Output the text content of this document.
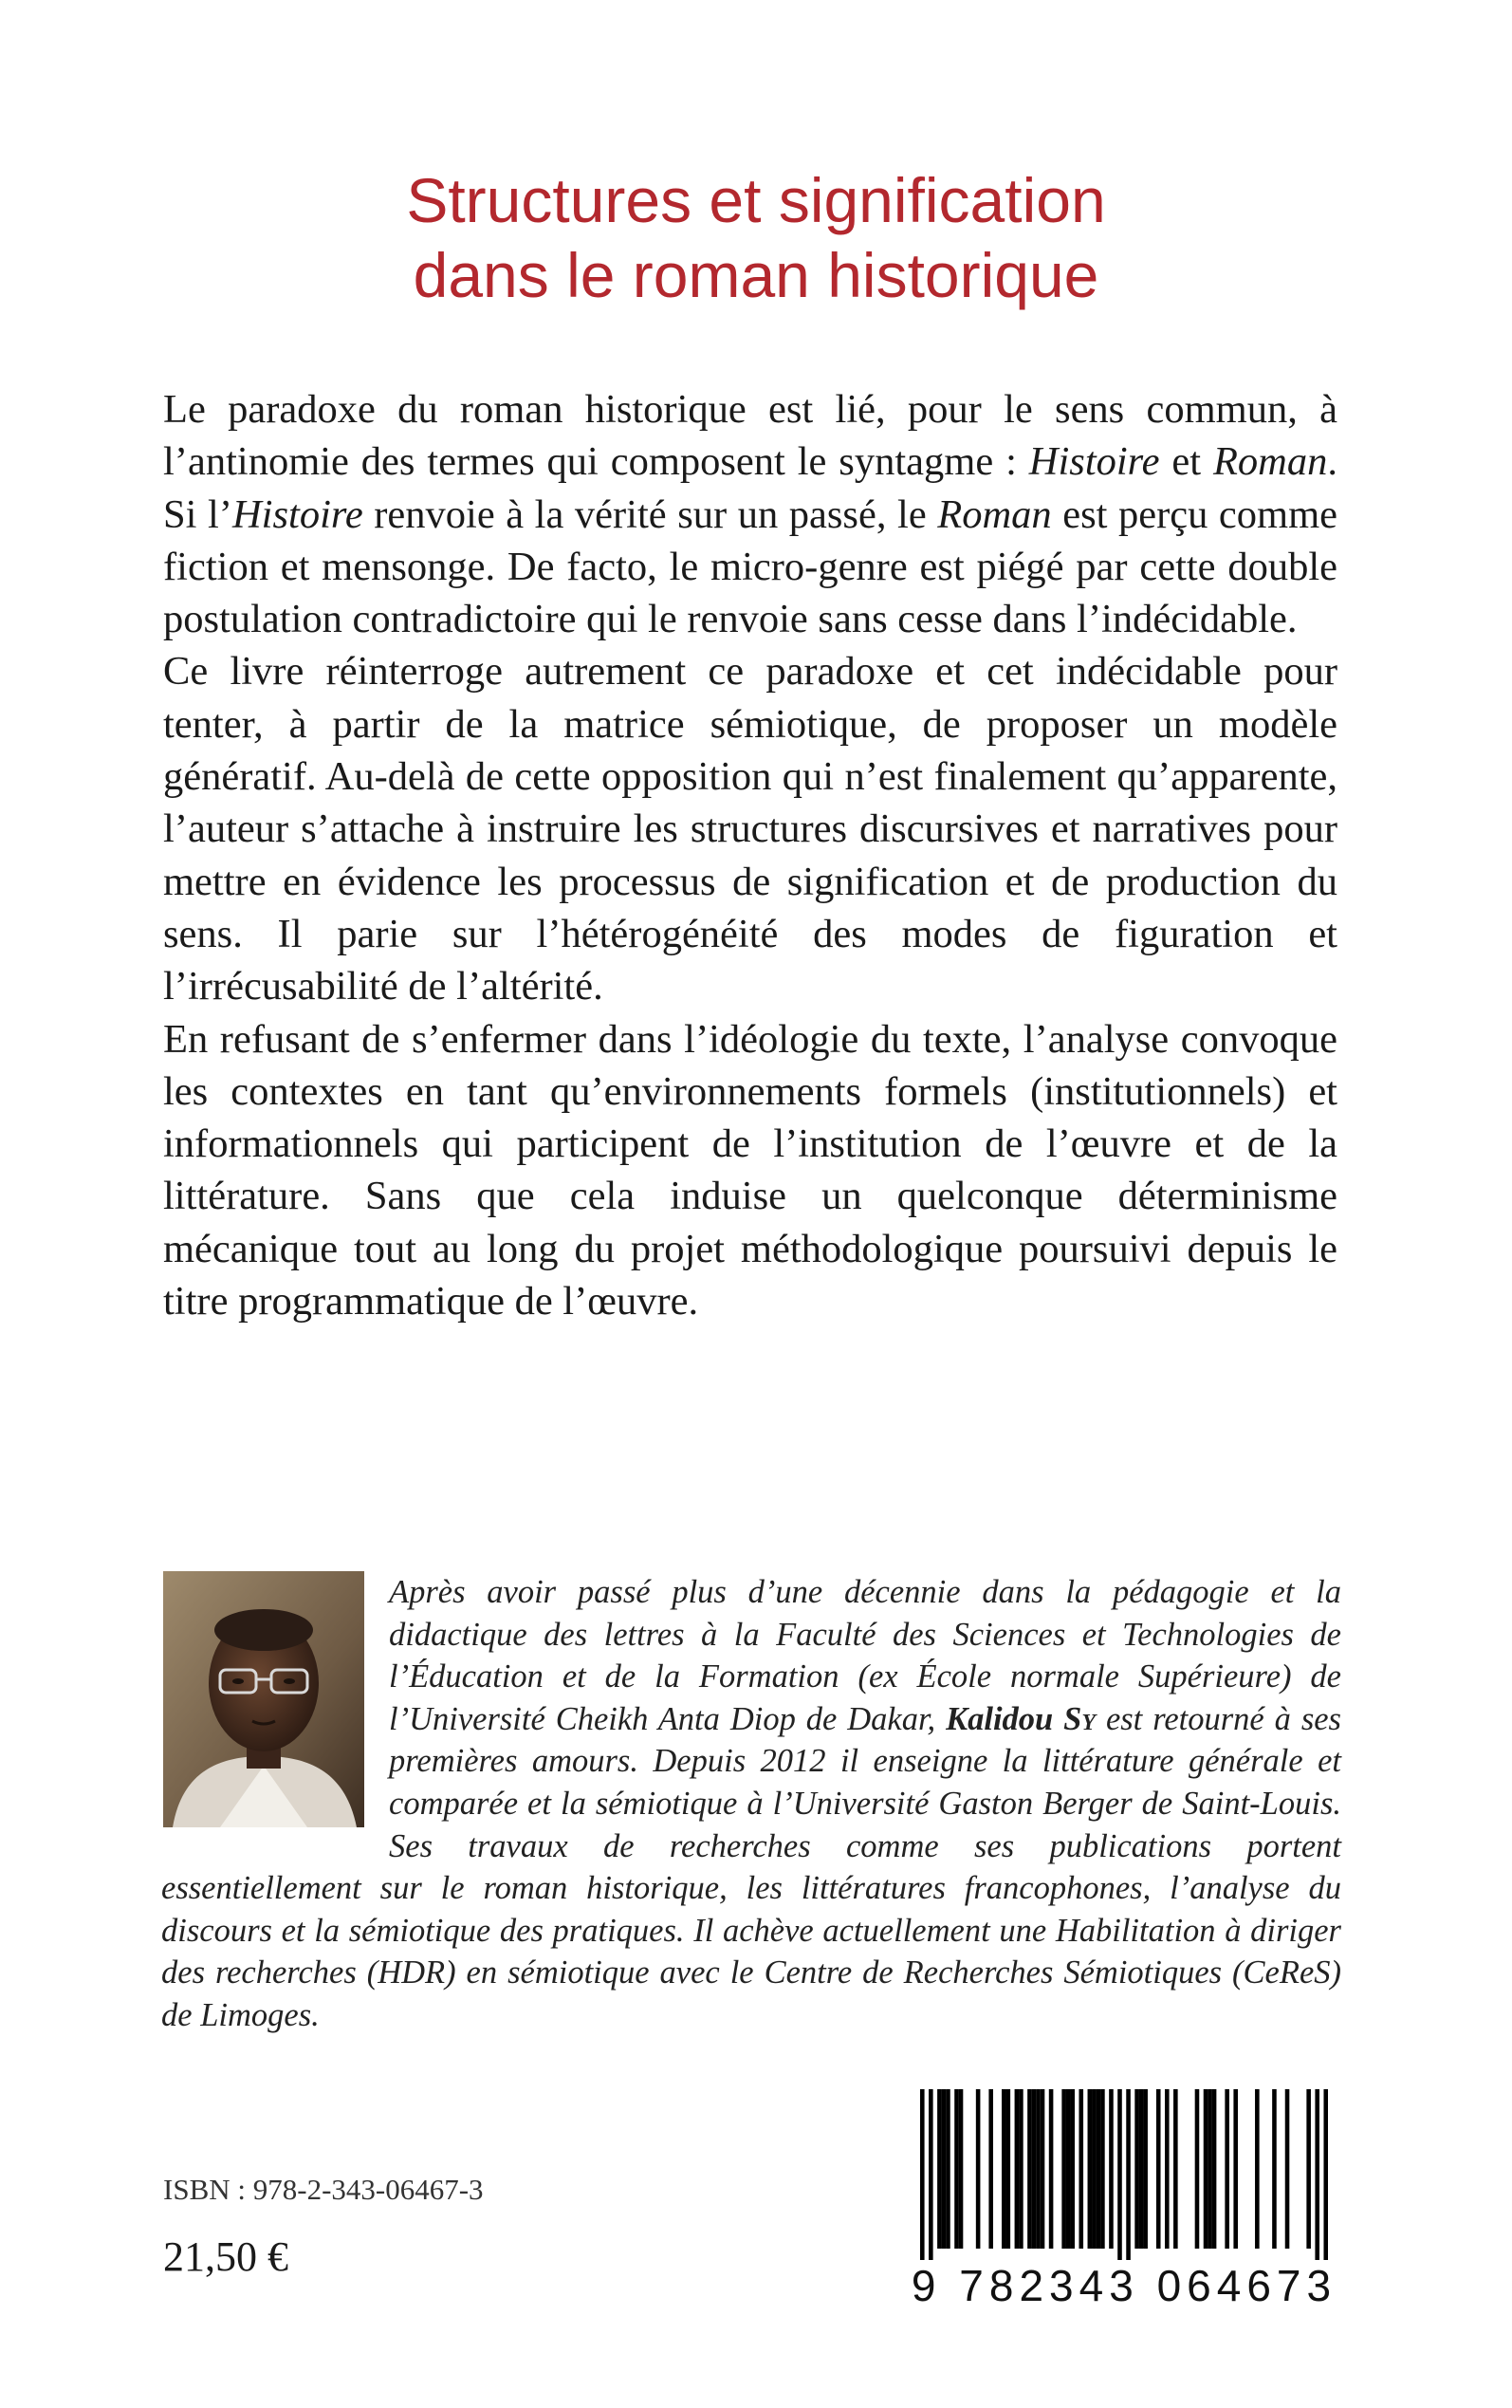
Structures et signification
dans le roman historique

Le paradoxe du roman historique est lié, pour le sens commun, à l’antinomie des termes qui composent le syntagme : Histoire et Roman. Si l’Histoire renvoie à la vérité sur un passé, le Roman est perçu comme fiction et mensonge. De facto, le micro-genre est piégé par cette double postulation contradictoire qui le renvoie sans cesse dans l’indécidable.

Ce livre réinterroge autrement ce paradoxe et cet indécidable pour tenter, à partir de la matrice sémiotique, de proposer un modèle génératif. Au-delà de cette opposition qui n’est finalement qu’apparente, l’auteur s’attache à instruire les structures discursives et narratives pour mettre en évidence les processus de signification et de production du sens. Il parie sur l’hétérogénéité des modes de figuration et l’irrécusabilité de l’altérité.

En refusant de s’enfermer dans l’idéologie du texte, l’analyse convoque les contextes en tant qu’environnements formels (institutionnels) et informationnels qui participent de l’institution de l’œuvre et de la littérature. Sans que cela induise un quelconque déterminisme mécanique tout au long du projet méthodologique poursuivi depuis le titre programmatique de l’œuvre.

Après avoir passé plus d’une décennie dans la pédagogie et la didactique des lettres à la Faculté des Sciences et Technologies de l’Éducation et de la Formation (ex École normale Supérieure) de l’Université Cheikh Anta Diop de Dakar, Kalidou Sy est retourné à ses premières amours. Depuis 2012 il enseigne la littérature générale et comparée et la sémiotique à l’Université Gaston Berger de Saint-Louis. Ses travaux de recherches comme ses publications portent essentiellement sur le roman historique, les littératures francophones, l’analyse du discours et la sémiotique des pratiques. Il achève actuellement une Habilitation à diriger des recherches (HDR) en sémiotique avec le Centre de Recherches Sémiotiques (CeReS) de Limoges.
ISBN : 978-2-343-06467-3
21,50 €
9 782343 064673
